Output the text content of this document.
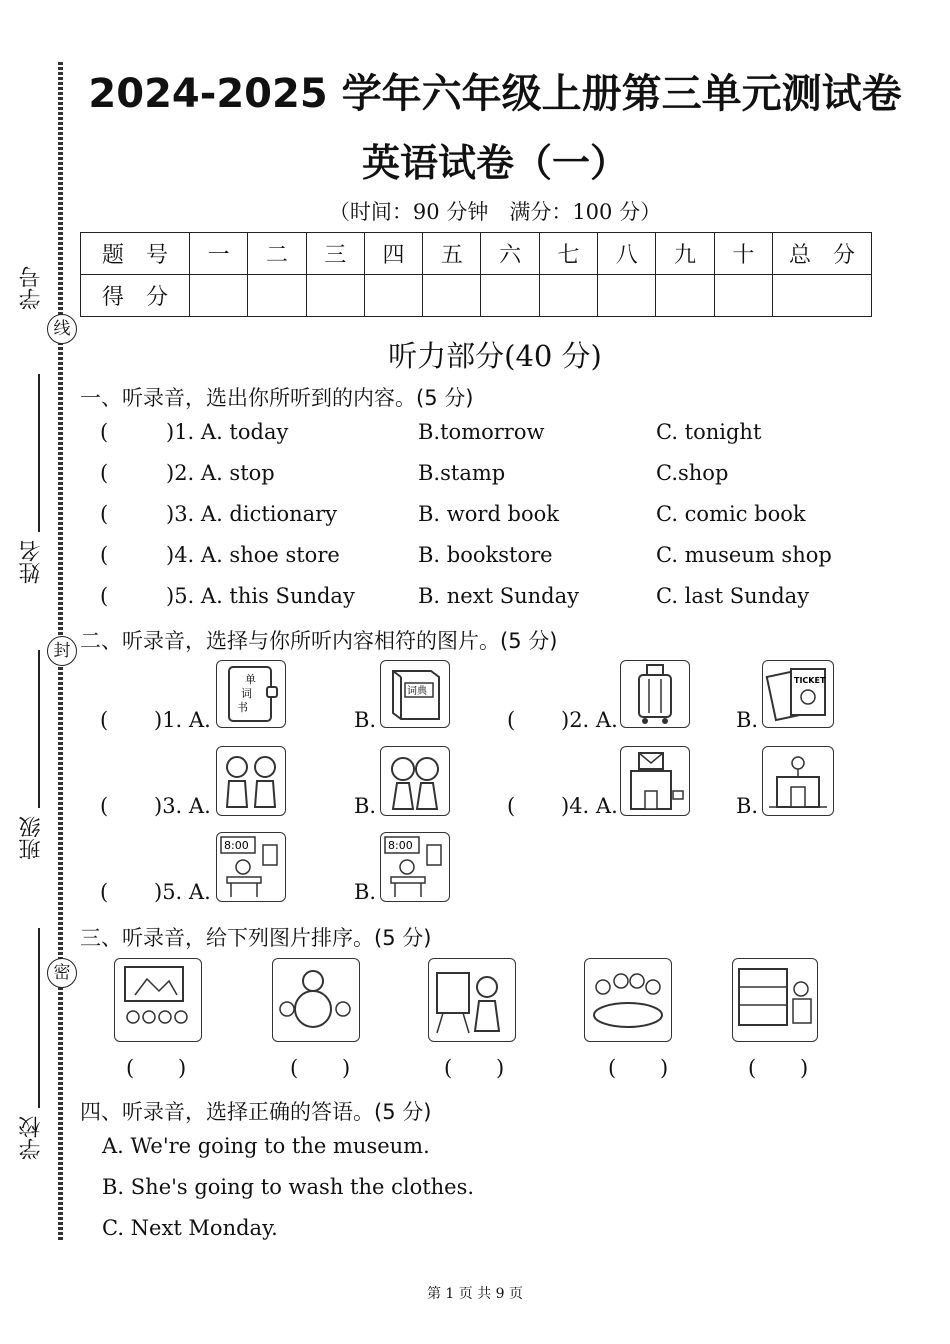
线
封
密
学号
姓名
班级
学校
2024-2025 学年六年级上册第三单元测试卷
英语试卷（一）
（时间：90 分钟　满分：100 分）
题　号	一	二	三	四	五	六	七	八	九	十	总　分
得　分											
听力部分(40 分)
一、听录音，选出你所听到的内容。(5 分)
(	)1. A. today	B.tomorrow	C. tonight
(	)2. A. stop	B.stamp	C.shop
(	)3. A. dictionary	B. word book	C. comic book
(	)4. A. shoe store	B. bookstore	C. museum shop
(	)5. A. this Sunday	B. next Sunday	C. last Sunday
二、听录音，选择与你所听内容相符的图片。(5 分)
( )1. A.
单
词
书
B.
词典
( )2. A.	B.
TICKET
( )3. A.	B.	( )4. A.	B.
( )5. A.
8:00
B.
8:00
三、听录音，给下列图片排序。(5 分)
( )	( )	( )	( )	( )
四、听录音，选择正确的答语。(5 分)
A. We're going to the museum.
B. She's going to wash the clothes.
C. Next Monday.
第 1 页 共 9 页
